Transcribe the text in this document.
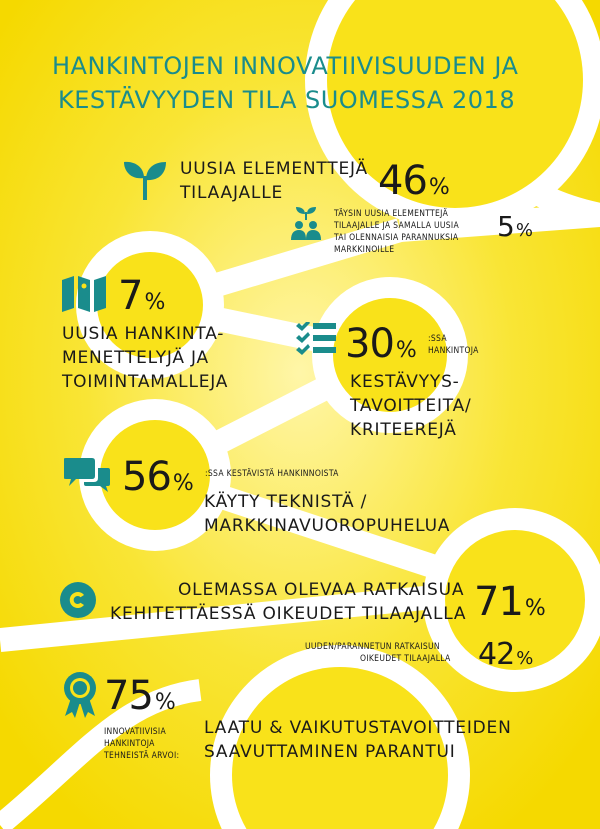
HANKINTOJEN INNOVATIIVISUUDEN JA

KESTÄVYYDEN TILA SUOMESSA 2018

UUSIA ELEMENTTEJÄ

TILAAJALLE 46%

TÄYSIN UUSIA ELEMENTTEJÄ

TILAAJALLE JA SAMALLA UUSIA

TAI OLENNAISIA PARANNUKSIA

MARKKINOILLE

5%
7%

UUSIA HANKINTA-

MENETTELYJÄ JA

TOIMINTAMALLEJA

30% :SSA

HANKINTOJA

KESTÄVYYS-

TAVOITTEITA/

KRITEEREJÄ

56% :SSA KESTÄVISTÄ HANKINNOISTA

KÄYTY TEKNISTÄ /

MARKKINAVUOROPUHELUA

OLEMASSA OLEVAA RATKAISUA

KEHITETTÄESSÄ OIKEUDET TILAAJALLA 71%

UUDEN/PARANNETUN RATKAISUN

OIKEUDET TILAAJALLA 42 %
75%

INNOVATIIVISIA

HANKINTOJA

TEHNEISTÄ ARVOI:

LAATU & VAIKUTUSTAVOITTEIDEN

SAAVUTTAMINEN PARANTUI
